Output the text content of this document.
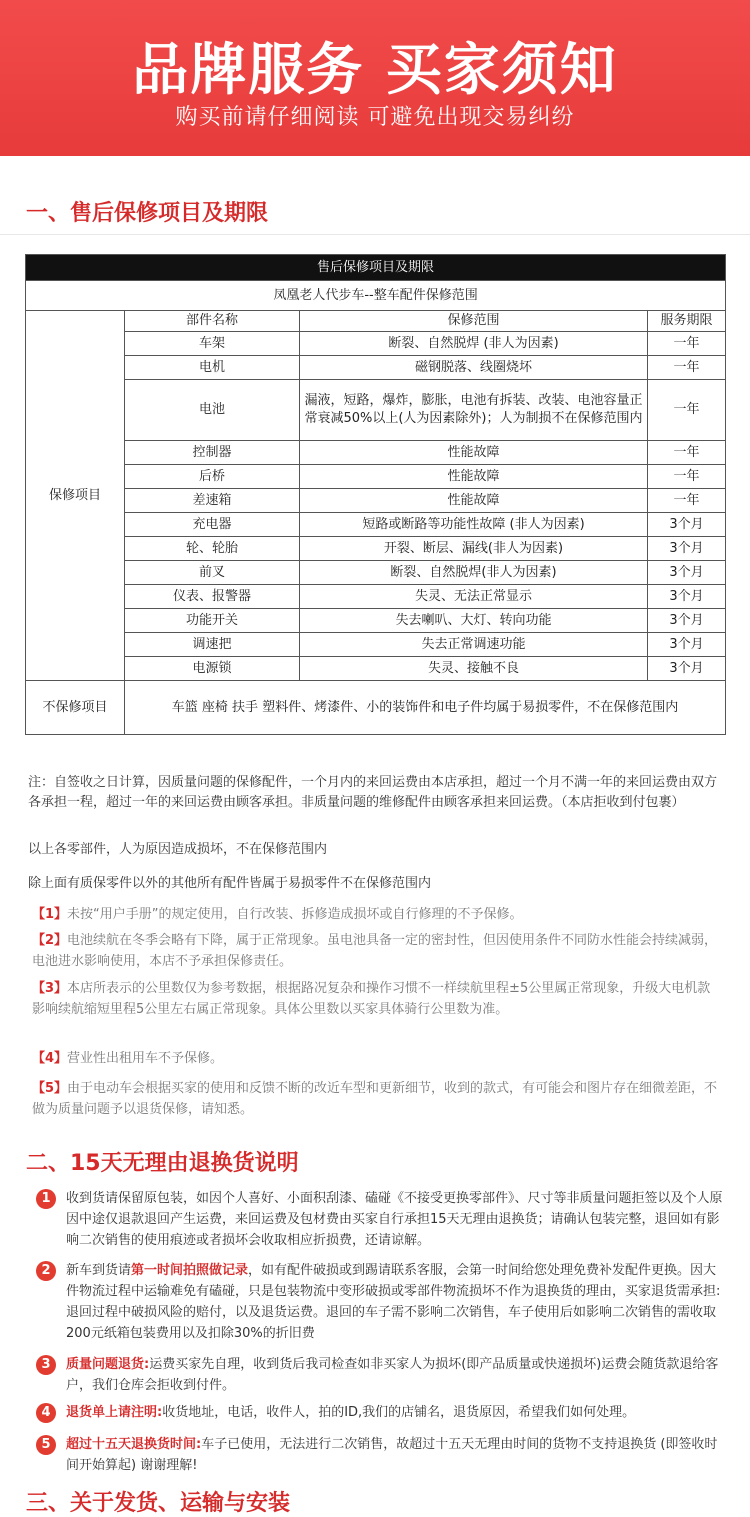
品牌服务 买家须知
购买前请仔细阅读 可避免出现交易纠纷
一、售后保修项目及期限
售后保修项目及期限			
凤凰老人代步车--整车配件保修范围			
保修项目	部件名称	保修范围	服务期限
	车架	断裂、自然脱焊 (非人为因素)	一年
	电机	磁钢脱落、线圈烧坏	一年
	电池	漏液，短路，爆炸，膨胀，电池有拆装、改装、电池容量正常衰减50%以上(人为因素除外)；人为制损不在保修范围内	一年
	控制器	性能故障	一年
	后桥	性能故障	一年
	差速箱	性能故障	一年
	充电器	短路或断路等功能性故障 (非人为因素)	3个月
	轮、轮胎	开裂、断层、漏线(非人为因素)	3个月
	前叉	断裂、自然脱焊(非人为因素)	3个月
	仪表、报警器	失灵、无法正常显示	3个月
	功能开关	失去喇叭、大灯、转向功能	3个月
	调速把	失去正常调速功能	3个月
	电源锁	失灵、接触不良	3个月
不保修项目	车篮 座椅 扶手 塑料件、烤漆件、小的装饰件和电子件均属于易损零件，不在保修范围内		
注：自签收之日计算，因质量问题的保修配件，一个月内的来回运费由本店承担，超过一个月不满一年的来回运费由双方各承担一程，超过一年的来回运费由顾客承担。非质量问题的维修配件由顾客承担来回运费。（本店拒收到付包裹）
以上各零部件，人为原因造成损坏，不在保修范围内
除上面有质保零件以外的其他所有配件皆属于易损零件不在保修范围内
【1】未按“用户手册”的规定使用，自行改装、拆修造成损坏或自行修理的不予保修。
【2】电池续航在冬季会略有下降，属于正常现象。虽电池具备一定的密封性，但因使用条件不同防水性能会持续减弱，电池进水影响使用，本店不予承担保修责任。
【3】本店所表示的公里数仅为参考数据，根据路况复杂和操作习惯不一样续航里程±5公里属正常现象，升级大电机款影响续航缩短里程5公里左右属正常现象。具体公里数以买家具体骑行公里数为准。
【4】营业性出租用车不予保修。
【5】由于电动车会根据买家的使用和反馈不断的改近车型和更新细节，收到的款式，有可能会和图片存在细微差距，不做为质量问题予以退货保修，请知悉。
二、15天无理由退换货说明
1	收到货请保留原包装，如因个人喜好、小面积刮漆、磕碰《不接受更换零部件》、尺寸等非质量问题拒签以及个人原因中途仅退款退回产生运费，来回运费及包材费由买家自行承担15天无理由退换货；请确认包装完整，退回如有影响二次销售的使用痕迹或者损坏会收取相应折损费，还请谅解。
2	新车到货请第一时间拍照做记录，如有配件破损或到踢请联系客服，会第一时间给您处理免费补发配件更换。因大件物流过程中运输难免有磕碰，只是包装物流中变形破损或零部件物流损坏不作为退换货的理由，买家退货需承担:退回过程中破损风险的赔付，以及退货运费。退回的车子需不影响二次销售，车子使用后如影响二次销售的需收取200元纸箱包装费用以及扣除30%的折旧费
3	质量问题退货:运费买家先自理，收到货后我司检查如非买家人为损坏(即产品质量或快递损坏)运费会随货款退给客户，我们仓库会拒收到付件。
4	退货单上请注明:收货地址，电话，收件人，拍的ID,我们的店铺名，退货原因，希望我们如何处理。
5	超过十五天退换货时间:车子已使用，无法进行二次销售，故超过十五天无理由时间的货物不支持退换货 (即签收时间开始算起) 谢谢理解!
三、关于发货、运输与安装
